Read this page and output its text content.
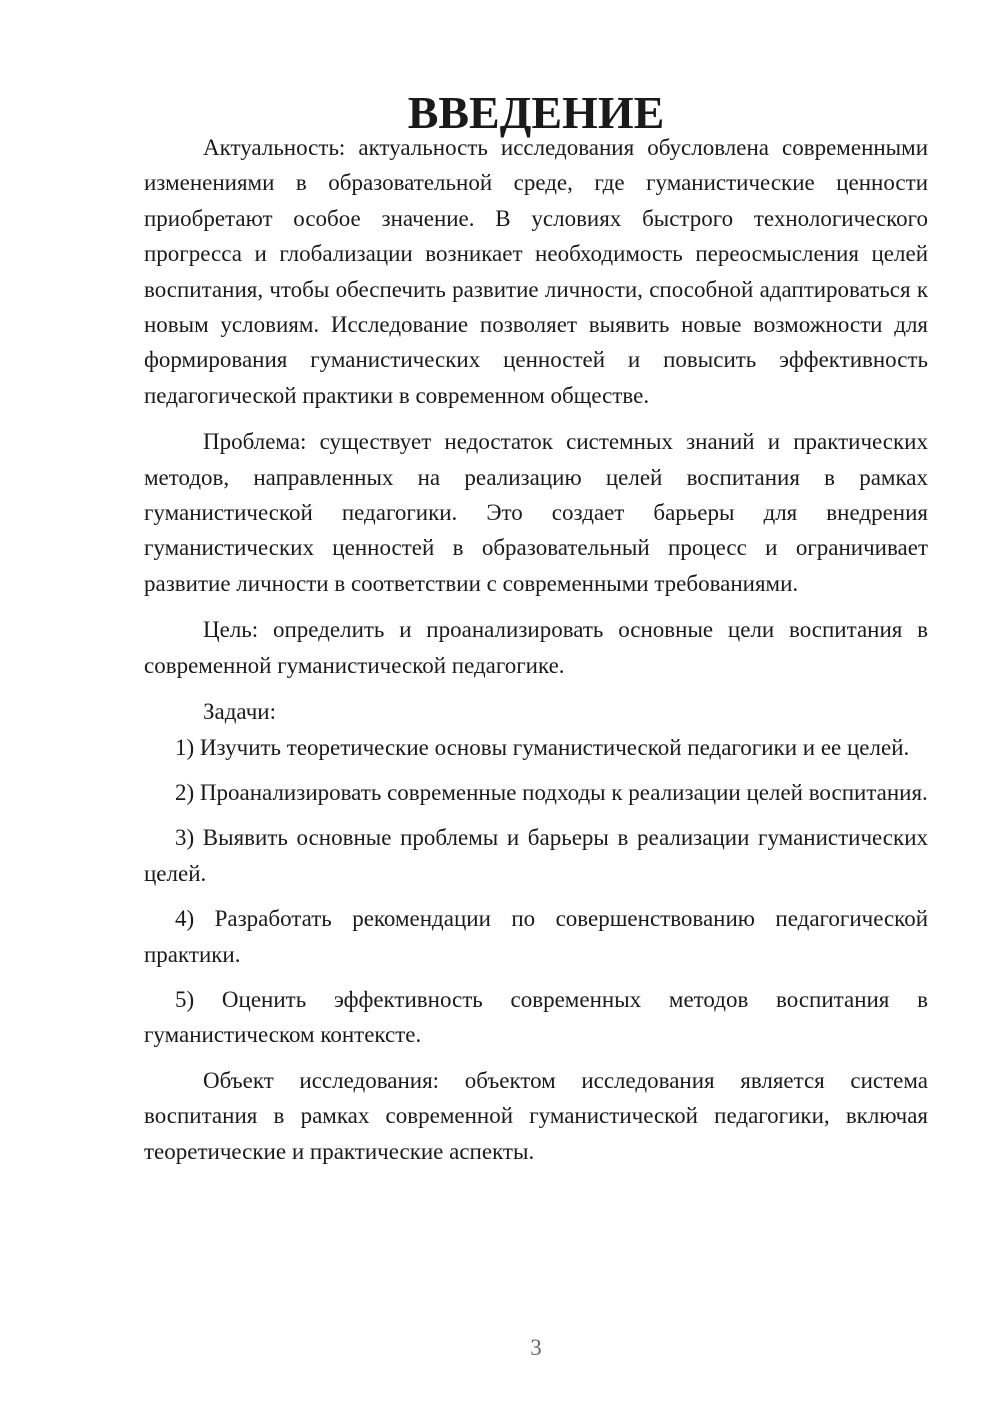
ВВЕДЕНИЕ

Актуальность: актуальность исследования обусловлена современными изменениями в образовательной среде, где гуманистические ценности приобретают особое значение. В условиях быстрого технологического прогресса и глобализации возникает необходимость переосмысления целей воспитания, чтобы обеспечить развитие личности, способной адаптироваться к новым условиям. Исследование позволяет выявить новые возможности для формирования гуманистических ценностей и повысить эффективность педагогической практики в современном обществе.

Проблема: существует недостаток системных знаний и практических методов, направленных на реализацию целей воспитания в рамках гуманистической педагогики. Это создает барьеры для внедрения гуманистических ценностей в образовательный процесс и ограничивает развитие личности в соответствии с современными требованиями.

Цель: определить и проанализировать основные цели воспитания в современной гуманистической педагогике.

Задачи:

1) Изучить теоретические основы гуманистической педагогики и ее целей.

2) Проанализировать современные подходы к реализации целей воспитания.

3) Выявить основные проблемы и барьеры в реализации гуманистических целей.

4) Разработать рекомендации по совершенствованию педагогической практики.

5) Оценить эффективность современных методов воспитания в гуманистическом контексте.

Объект исследования: объектом исследования является система воспитания в рамках современной гуманистической педагогики, включая теоретические и практические аспекты.

3
